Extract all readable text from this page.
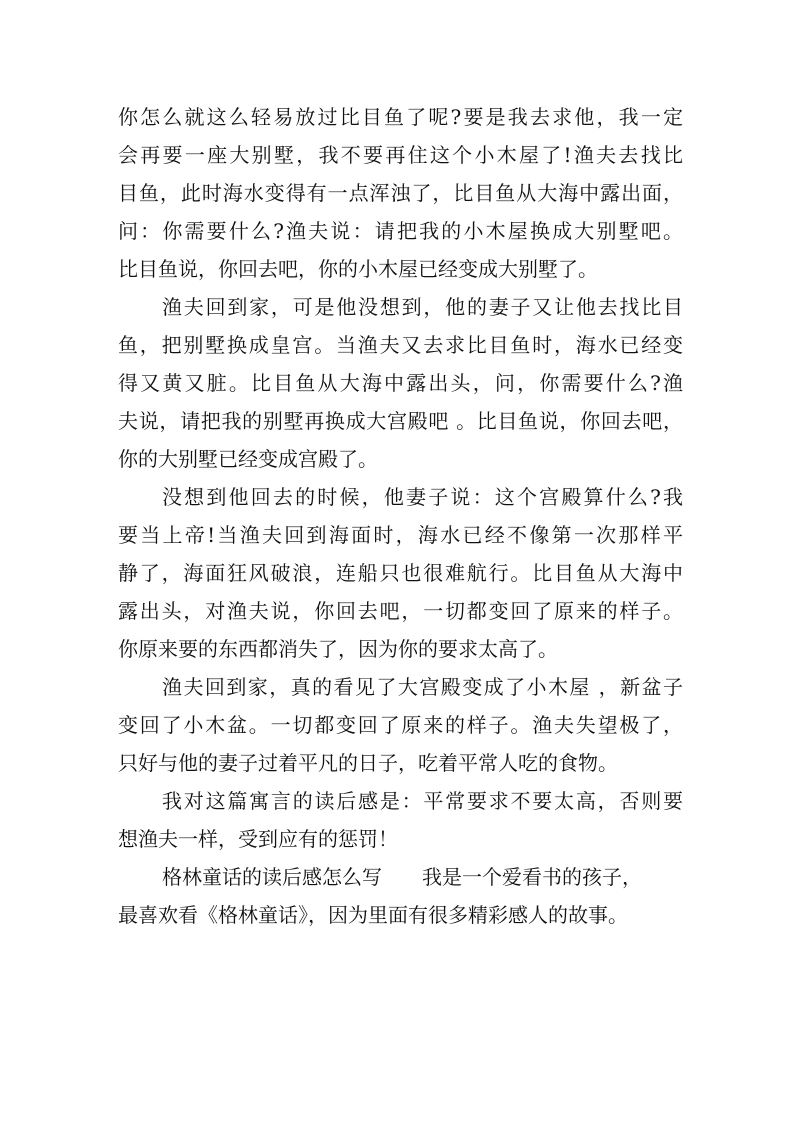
你怎么就这么轻易放过比目鱼了呢?要是我去求他，我一定
会再要一座大别墅，我不要再住这个小木屋了!渔夫去找比
目鱼，此时海水变得有一点浑浊了，比目鱼从大海中露出面，
问：你需要什么?渔夫说：请把我的小木屋换成大别墅吧。
比目鱼说，你回去吧，你的小木屋已经变成大别墅了。
渔夫回到家，可是他没想到，他的妻子又让他去找比目
鱼，把别墅换成皇宫。当渔夫又去求比目鱼时，海水已经变
得又黄又脏。比目鱼从大海中露出头，问，你需要什么?渔
夫说，请把我的别墅再换成大宫殿吧 。比目鱼说，你回去吧，
你的大别墅已经变成宫殿了。
没想到他回去的时候，他妻子说：这个宫殿算什么?我
要当上帝!当渔夫回到海面时，海水已经不像第一次那样平
静了，海面狂风破浪，连船只也很难航行。比目鱼从大海中
露出头，对渔夫说，你回去吧，一切都变回了原来的样子。
你原来要的东西都消失了，因为你的要求太高了。
渔夫回到家，真的看见了大宫殿变成了小木屋 ，新盆子
变回了小木盆。一切都变回了原来的样子。渔夫失望极了，
只好与他的妻子过着平凡的日子，吃着平常人吃的食物。
我对这篇寓言的读后感是：平常要求不要太高，否则要
想渔夫一样，受到应有的惩罚！
格林童话的读后感怎么写 我是一个爱看书的孩子，
最喜欢看《格林童话》，因为里面有很多精彩感人的故事。
